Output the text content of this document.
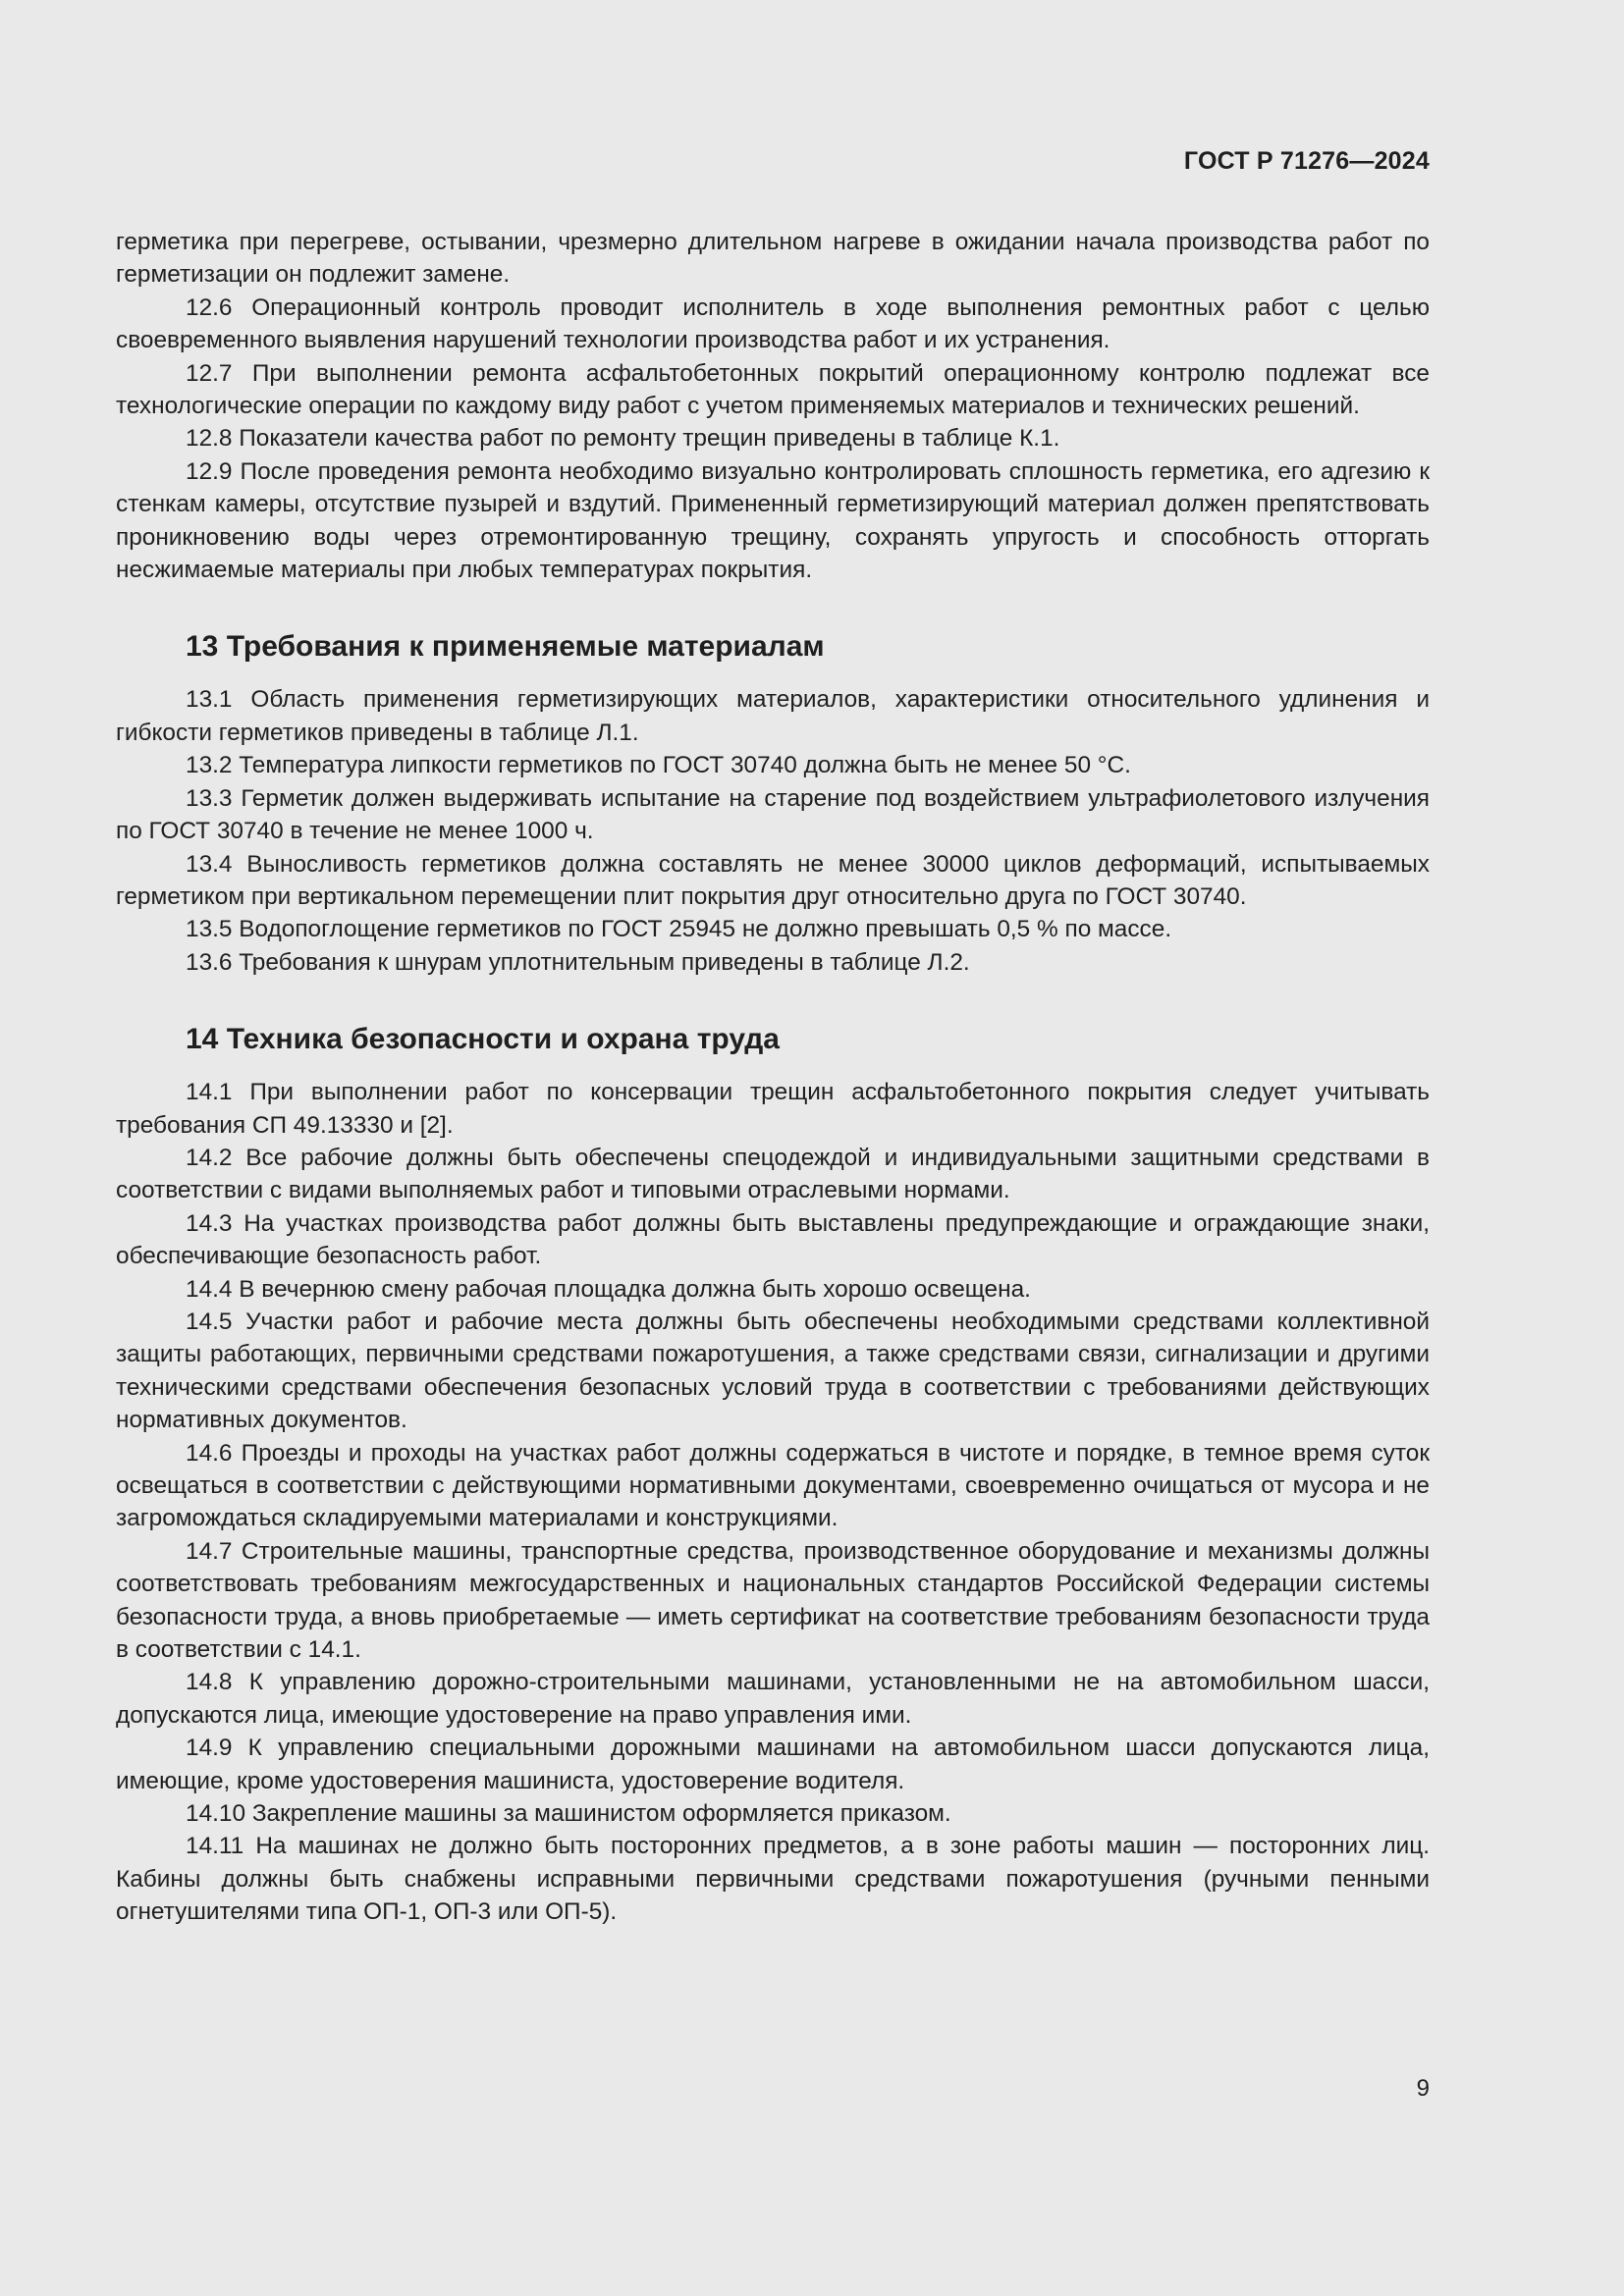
ГОСТ Р 71276—2024

герметика при перегреве, остывании, чрезмерно длительном нагреве в ожидании начала производства работ по герметизации он подлежит замене.

12.6 Операционный контроль проводит исполнитель в ходе выполнения ремонтных работ с целью своевременного выявления нарушений технологии производства работ и их устранения.

12.7 При выполнении ремонта асфальтобетонных покрытий операционному контролю подлежат все технологические операции по каждому виду работ с учетом применяемых материалов и технических решений.

12.8 Показатели качества работ по ремонту трещин приведены в таблице К.1.

12.9 После проведения ремонта необходимо визуально контролировать сплошность герметика, его адгезию к стенкам камеры, отсутствие пузырей и вздутий. Примененный герметизирующий материал должен препятствовать проникновению воды через отремонтированную трещину, сохранять упругость и способность отторгать несжимаемые материалы при любых температурах покрытия.

13 Требования к применяемые материалам

13.1 Область применения герметизирующих материалов, характеристики относительного удлинения и гибкости герметиков приведены в таблице Л.1.

13.2 Температура липкости герметиков по ГОСТ 30740 должна быть не менее 50 °С.

13.3 Герметик должен выдерживать испытание на старение под воздействием ультрафиолетового излучения по ГОСТ 30740 в течение не менее 1000 ч.

13.4 Выносливость герметиков должна составлять не менее 30000 циклов деформаций, испытываемых герметиком при вертикальном перемещении плит покрытия друг относительно друга по ГОСТ 30740.

13.5 Водопоглощение герметиков по ГОСТ 25945 не должно превышать 0,5 % по массе.

13.6 Требования к шнурам уплотнительным приведены в таблице Л.2.

14 Техника безопасности и охрана труда

14.1 При выполнении работ по консервации трещин асфальтобетонного покрытия следует учитывать требования СП 49.13330 и [2].

14.2 Все рабочие должны быть обеспечены спецодеждой и индивидуальными защитными средствами в соответствии с видами выполняемых работ и типовыми отраслевыми нормами.

14.3 На участках производства работ должны быть выставлены предупреждающие и ограждающие знаки, обеспечивающие безопасность работ.

14.4 В вечернюю смену рабочая площадка должна быть хорошо освещена.

14.5 Участки работ и рабочие места должны быть обеспечены необходимыми средствами коллективной защиты работающих, первичными средствами пожаротушения, а также средствами связи, сигнализации и другими техническими средствами обеспечения безопасных условий труда в соответствии с требованиями действующих нормативных документов.

14.6 Проезды и проходы на участках работ должны содержаться в чистоте и порядке, в темное время суток освещаться в соответствии с действующими нормативными документами, своевременно очищаться от мусора и не загромождаться складируемыми материалами и конструкциями.

14.7 Строительные машины, транспортные средства, производственное оборудование и механизмы должны соответствовать требованиям межгосударственных и национальных стандартов Российской Федерации системы безопасности труда, а вновь приобретаемые — иметь сертификат на соответствие требованиям безопасности труда в соответствии с 14.1.

14.8 К управлению дорожно-строительными машинами, установленными не на автомобильном шасси, допускаются лица, имеющие удостоверение на право управления ими.

14.9 К управлению специальными дорожными машинами на автомобильном шасси допускаются лица, имеющие, кроме удостоверения машиниста, удостоверение водителя.

14.10 Закрепление машины за машинистом оформляется приказом.

14.11 На машинах не должно быть посторонних предметов, а в зоне работы машин — посторонних лиц. Кабины должны быть снабжены исправными первичными средствами пожаротушения (ручными пенными огнетушителями типа ОП-1, ОП-3 или ОП-5).

9
